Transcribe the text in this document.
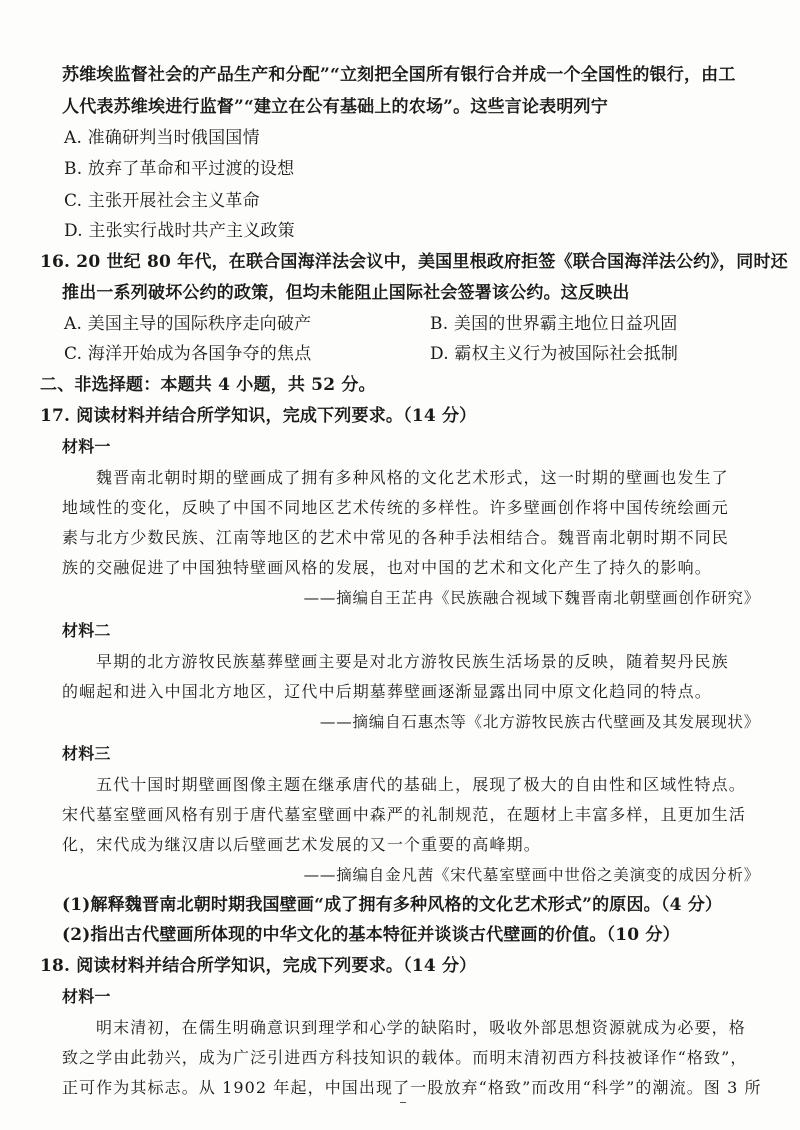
苏维埃监督社会的产品生产和分配”“立刻把全国所有银行合并成一个全国性的银行，由工
人代表苏维埃进行监督”“建立在公有基础上的农场”。这些言论表明列宁
A. 准确研判当时俄国国情
B. 放弃了革命和平过渡的设想
C. 主张开展社会主义革命
D. 主张实行战时共产主义政策
16. 20 世纪 80 年代，在联合国海洋法会议中，美国里根政府拒签《联合国海洋法公约》，同时还
推出一系列破坏公约的政策，但均未能阻止国际社会签署该公约。这反映出
A. 美国主导的国际秩序走向破产	B. 美国的世界霸主地位日益巩固
C. 海洋开始成为各国争夺的焦点	D. 霸权主义行为被国际社会抵制
二、非选择题：本题共 4 小题，共 52 分。
17. 阅读材料并结合所学知识，完成下列要求。（14 分）
材料一
魏晋南北朝时期的壁画成了拥有多种风格的文化艺术形式，这一时期的壁画也发生了
地域性的变化，反映了中国不同地区艺术传统的多样性。许多壁画创作将中国传统绘画元
素与北方少数民族、江南等地区的艺术中常见的各种手法相结合。魏晋南北朝时期不同民
族的交融促进了中国独特壁画风格的发展，也对中国的艺术和文化产生了持久的影响。
——摘编自王芷冉《民族融合视域下魏晋南北朝壁画创作研究》
材料二
早期的北方游牧民族墓葬壁画主要是对北方游牧民族生活场景的反映，随着契丹民族
的崛起和进入中国北方地区，辽代中后期墓葬壁画逐渐显露出同中原文化趋同的特点。
——摘编自石惠杰等《北方游牧民族古代壁画及其发展现状》
材料三
五代十国时期壁画图像主题在继承唐代的基础上，展现了极大的自由性和区域性特点。
宋代墓室壁画风格有别于唐代墓室壁画中森严的礼制规范，在题材上丰富多样，且更加生活
化，宋代成为继汉唐以后壁画艺术发展的又一个重要的高峰期。
——摘编自金凡茜《宋代墓室壁画中世俗之美演变的成因分析》
(1)解释魏晋南北朝时期我国壁画“成了拥有多种风格的文化艺术形式”的原因。（4 分）
(2)指出古代壁画所体现的中华文化的基本特征并谈谈古代壁画的价值。（10 分）
18. 阅读材料并结合所学知识，完成下列要求。（14 分）
材料一
明末清初，在儒生明确意识到理学和心学的缺陷时，吸收外部思想资源就成为必要，格
致之学由此勃兴，成为广泛引进西方科技知识的载体。而明末清初西方科技被译作“格致”，
正可作为其标志。从 1902 年起，中国出现了一股放弃“格致”而改用“科学”的潮流。图 3 所
